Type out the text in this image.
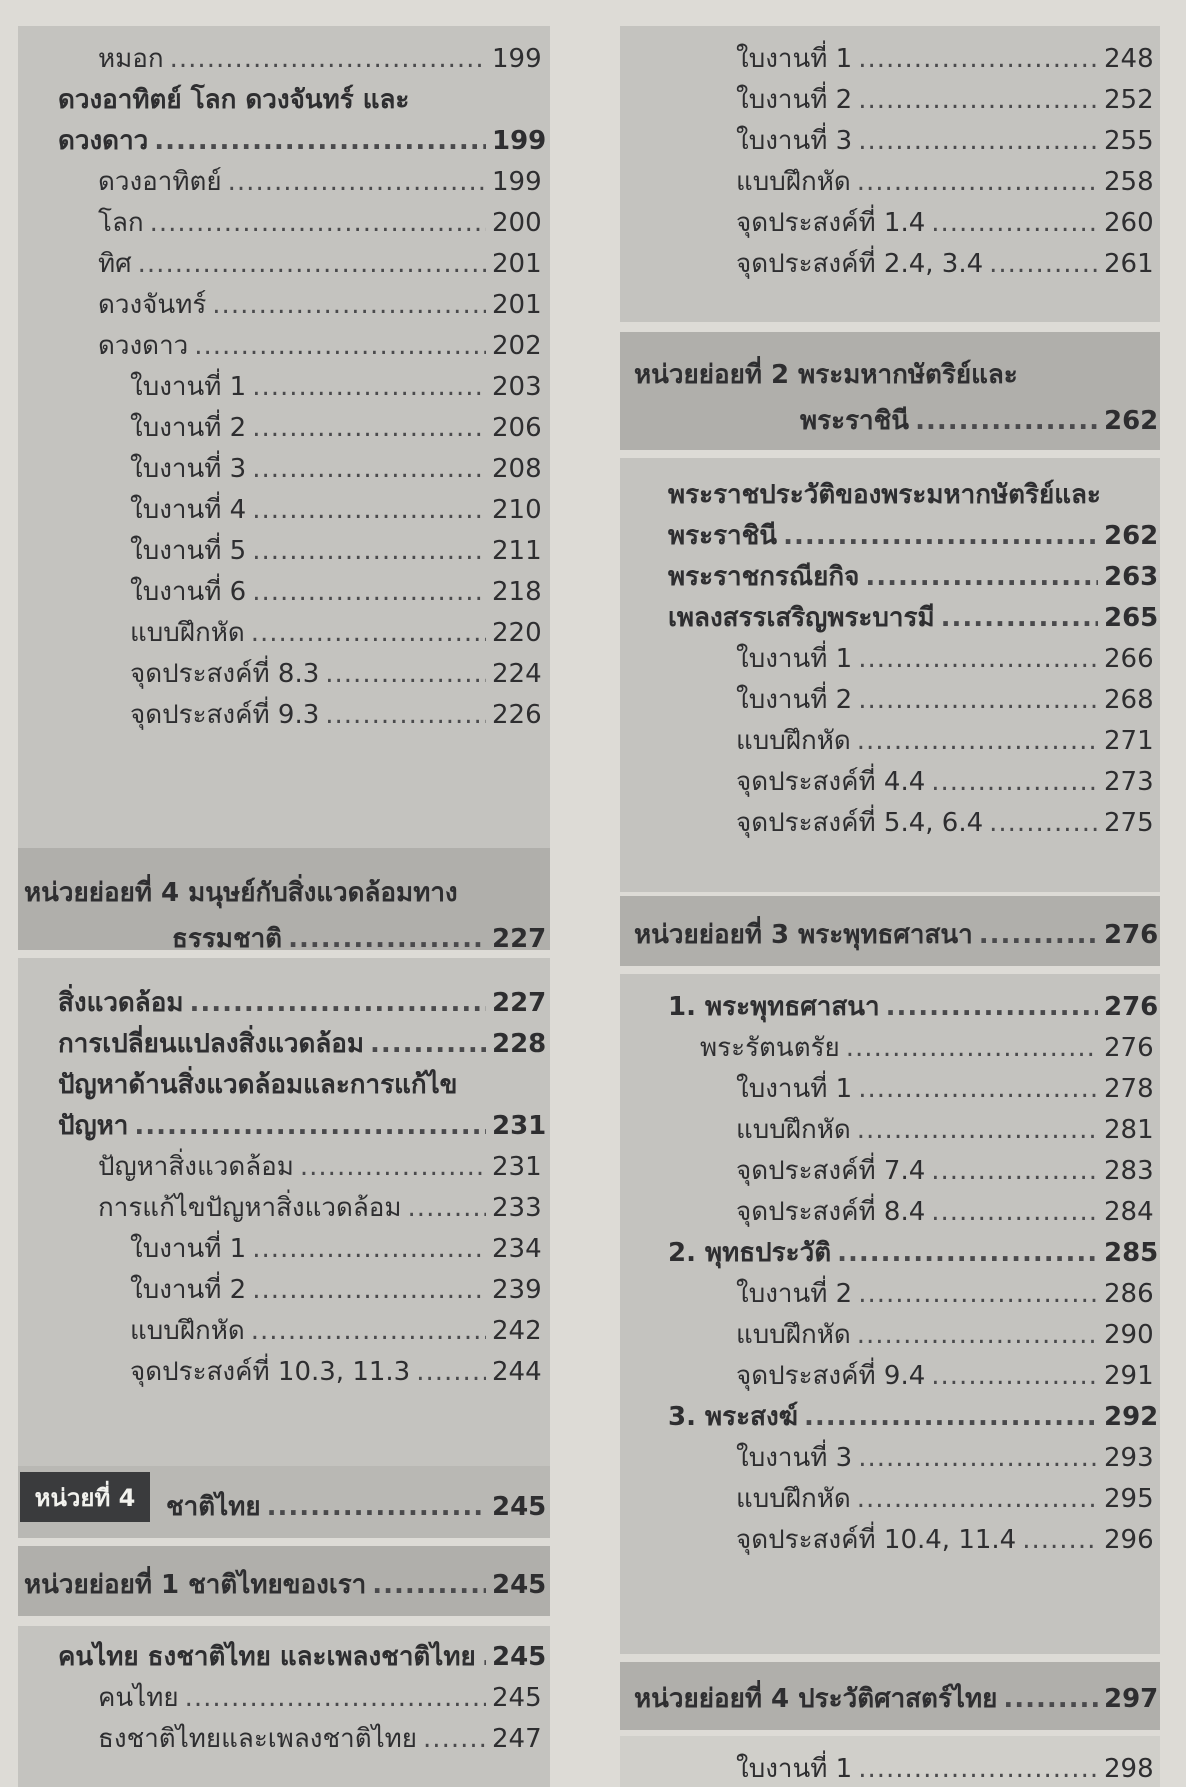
หมอก .....	199
ดวงอาทิตย์ โลก ดวงจันทร์ และ
ดวงดาว .....	199
ดวงอาทิตย์ .....	199
โลก .....	200
ทิศ .....	201
ดวงจันทร์ .....	201
ดวงดาว .....	202
ใบงานที่ 1 .....	203
ใบงานที่ 2 .....	206
ใบงานที่ 3 .....	208
ใบงานที่ 4 .....	210
ใบงานที่ 5 .....	211
ใบงานที่ 6 .....	218
แบบฝึกหัด .....	220
จุดประสงค์ที่ 8.3 .....	224
จุดประสงค์ที่ 9.3 .....	226
หน่วยย่อยที่ 4 มนุษย์กับสิ่งแวดล้อมทาง
ธรรมชาติ .....	227
สิ่งแวดล้อม .....	227
การเปลี่ยนแปลงสิ่งแวดล้อม .....	228
ปัญหาด้านสิ่งแวดล้อมและการแก้ไข
ปัญหา .....	231
ปัญหาสิ่งแวดล้อม .....	231
การแก้ไขปัญหาสิ่งแวดล้อม .....	233
ใบงานที่ 1 .....	234
ใบงานที่ 2 .....	239
แบบฝึกหัด .....	242
จุดประสงค์ที่ 10.3, 11.3 .....	244
หน่วยที่ 4	ชาติไทย .....	245
หน่วยย่อยที่ 1 ชาติไทยของเรา .....	245
คนไทย ธงชาติไทย และเพลงชาติไทย ..... 245
คนไทย .....	245
ธงชาติไทยและเพลงชาติไทย .....	247
ใบงานที่ 1 .....	248
ใบงานที่ 2 .....	252
ใบงานที่ 3 .....	255
แบบฝึกหัด .....	258
จุดประสงค์ที่ 1.4 .....	260
จุดประสงค์ที่ 2.4, 3.4 .....	261
หน่วยย่อยที่ 2 พระมหากษัตริย์และ
พระราชินี .....	262
พระราชประวัติของพระมหากษัตริย์และ
พระราชินี .....	262
พระราชกรณียกิจ .....	263
เพลงสรรเสริญพระบารมี .....	265
ใบงานที่ 1 .....	266
ใบงานที่ 2 .....	268
แบบฝึกหัด .....	271
จุดประสงค์ที่ 4.4 .....	273
จุดประสงค์ที่ 5.4, 6.4 .....	275
หน่วยย่อยที่ 3 พระพุทธศาสนา .....	276
1. พระพุทธศาสนา .....	276
พระรัตนตรัย .....	276
ใบงานที่ 1 .....	278
แบบฝึกหัด .....	281
จุดประสงค์ที่ 7.4 .....	283
จุดประสงค์ที่ 8.4 .....	284
2. พุทธประวัติ .....	285
ใบงานที่ 2 .....	286
แบบฝึกหัด .....	290
จุดประสงค์ที่ 9.4 .....	291
3. พระสงฆ์ .....	292
ใบงานที่ 3 .....	293
แบบฝึกหัด .....	295
จุดประสงค์ที่ 10.4, 11.4 .....	296
หน่วยย่อยที่ 4 ประวัติศาสตร์ไทย .....	297
ใบงานที่ 1 .....	298
